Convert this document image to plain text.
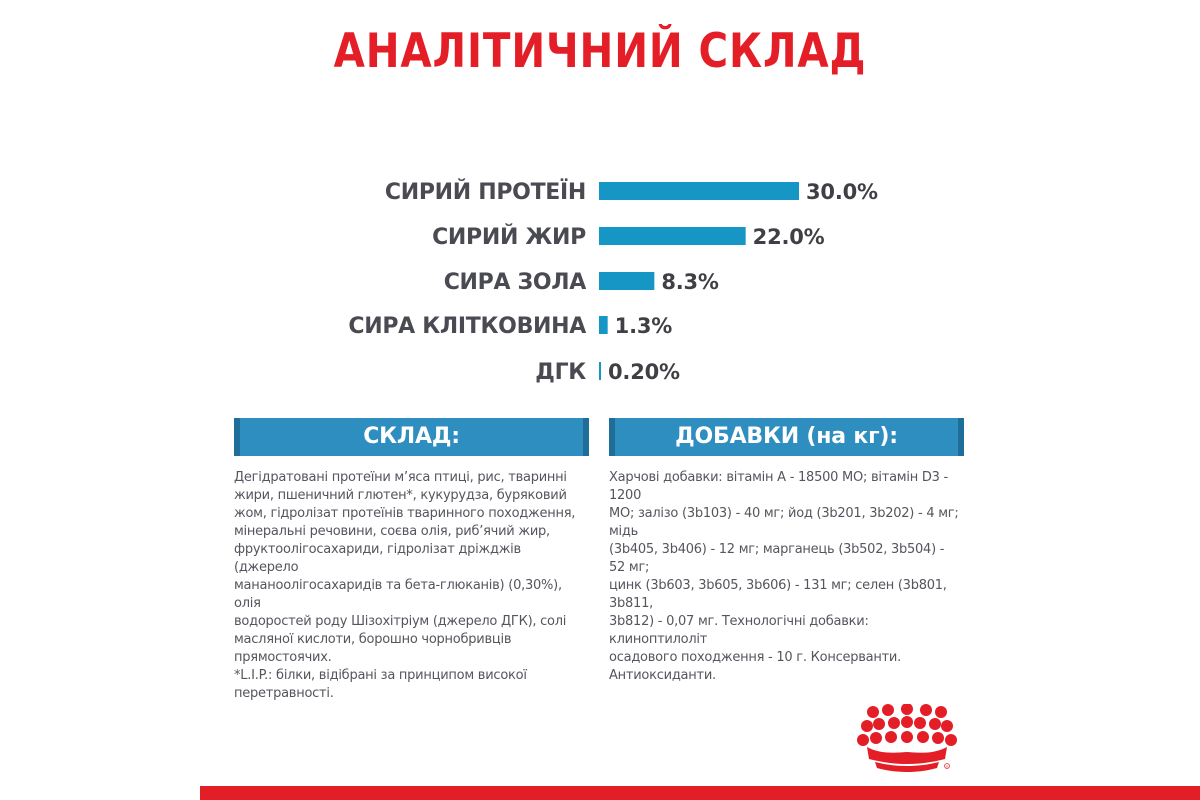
АНАЛІТИЧНИЙ СКЛАД
СИРИЙ ПРОТЕЇН	30.0%
СИРИЙ ЖИР	22.0%
СИРА ЗОЛА	8.3%
СИРА КЛІТКОВИНА 1.3%
ДГК 0.20%
СКЛАД:	ДОБАВКИ (на кг):

Дегідратовані протеїни м’яса птиці, рис, тваринні
жири, пшеничний глютен*, кукурудза, буряковий
жом, гідролізат протеїнів тваринного походження,
мінеральні речовини, соєва олія, риб’ячий жир,
фруктоолігосахариди, гідролізат дріжджів (джерело
мананоолігосахаридів та бета-глюканів) (0,30%), олія
водоростей роду Шізохітріум (джерело ДГК), солі
масляної кислоти, борошно чорнобривців прямостоячих.
*L.I.P.: білки, відібрані за принципом високої
перетравності.

Харчові добавки: вітамін A - 18500 МО; вітамін D3 - 1200
МО; залізо (3b103) - 40 мг; йод (3b201, 3b202) - 4 мг; мідь
(3b405, 3b406) - 12 мг; марганець (3b502, 3b504) - 52 мг;
цинк (3b603, 3b605, 3b606) - 131 мг; селен (3b801, 3b811,
3b812) - 0,07 мг. Технологічні добавки: клиноптилоліт
осадового походження - 10 г. Консерванти.
Антиоксиданти.

R
